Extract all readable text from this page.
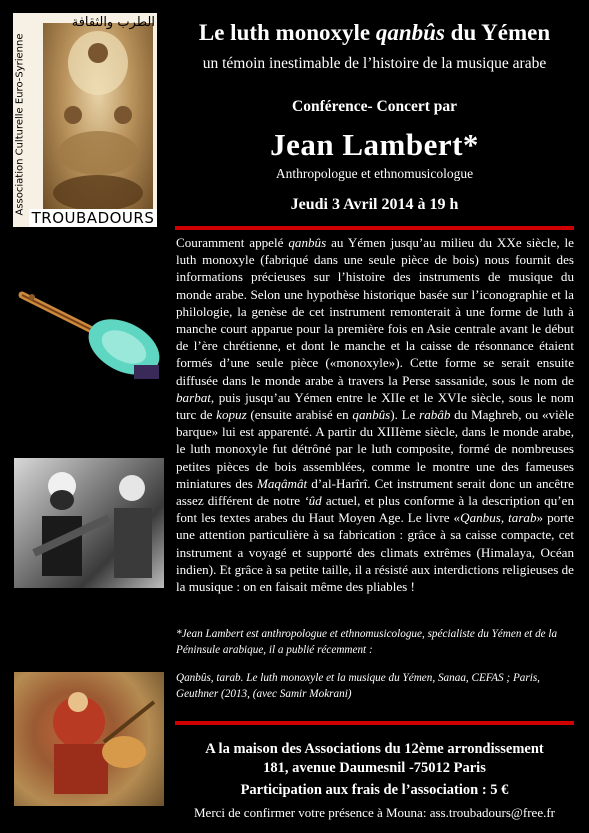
الطرب والثقافة
Association Culturelle Euro-Syrienne
TROUBADOURS
Le luth monoxyle qanbûs du Yémen
un témoin inestimable de l’histoire de la musique arabe
Conférence- Concert par
Jean Lambert*
Anthropologue et ethnomusicologue
Jeudi 3 Avril 2014 à 19 h
Couramment appelé qanbûs au Yémen jusqu’au milieu du XXe siècle, le luth monoxyle (fabriqué dans une seule pièce de bois) nous fournit des informations précieuses sur l’histoire des instruments de musique du monde arabe. Selon une hypothèse historique basée sur l’iconographie et la philologie, la genèse de cet instrument remonterait à une forme de luth à manche court apparue pour la première fois en Asie centrale avant le début de l’ère chrétienne, et dont le manche et la caisse de résonnance étaient formés d’une seule pièce («monoxyle»). Cette forme se serait ensuite diffusée dans le monde arabe à travers la Perse sassanide, sous le nom de barbat, puis jusqu’au Yémen entre le XIIe et le XVIe siècle, sous le nom turc de kopuz (ensuite arabisé en qanbûs). Le rabâb du Maghreb, ou «vièle barque» lui est apparenté. A partir du XIIIème siècle, dans le monde arabe, le luth monoxyle fut détrôné par le luth composite, formé de nombreuses petites pièces de bois assemblées, comme le montre une des fameuses miniatures des Maqâmât d’al-Harîrî. Cet instrument serait donc un ancêtre assez différent de notre ‘ûd actuel, et plus conforme à la description qu’en font les textes arabes du Haut Moyen Age. Le livre «Qanbus, tarab» porte une attention particulière à sa fabrication : grâce à sa caisse compacte, cet instrument a voyagé et supporté des climats extrêmes (Himalaya, Océan indien). Et grâce à sa petite taille, il a résisté aux interdictions religieuses de la musique : on en faisait même des pliables !
*Jean Lambert est anthropologue et ethnomusicologue, spécialiste du Yémen et de la Péninsule arabique, il a publié récemment :
Qanbûs, tarab. Le luth monoxyle et la musique du Yémen, Sanaa, CEFAS ; Paris, Geuthner (2013, (avec Samir Mokrani)
A la maison des Associations du 12ème arrondissement
181, avenue Daumesnil -75012 Paris
Participation aux frais de l’association : 5 €
Merci de confirmer votre présence à Mouna: ass.troubadours@free.fr
